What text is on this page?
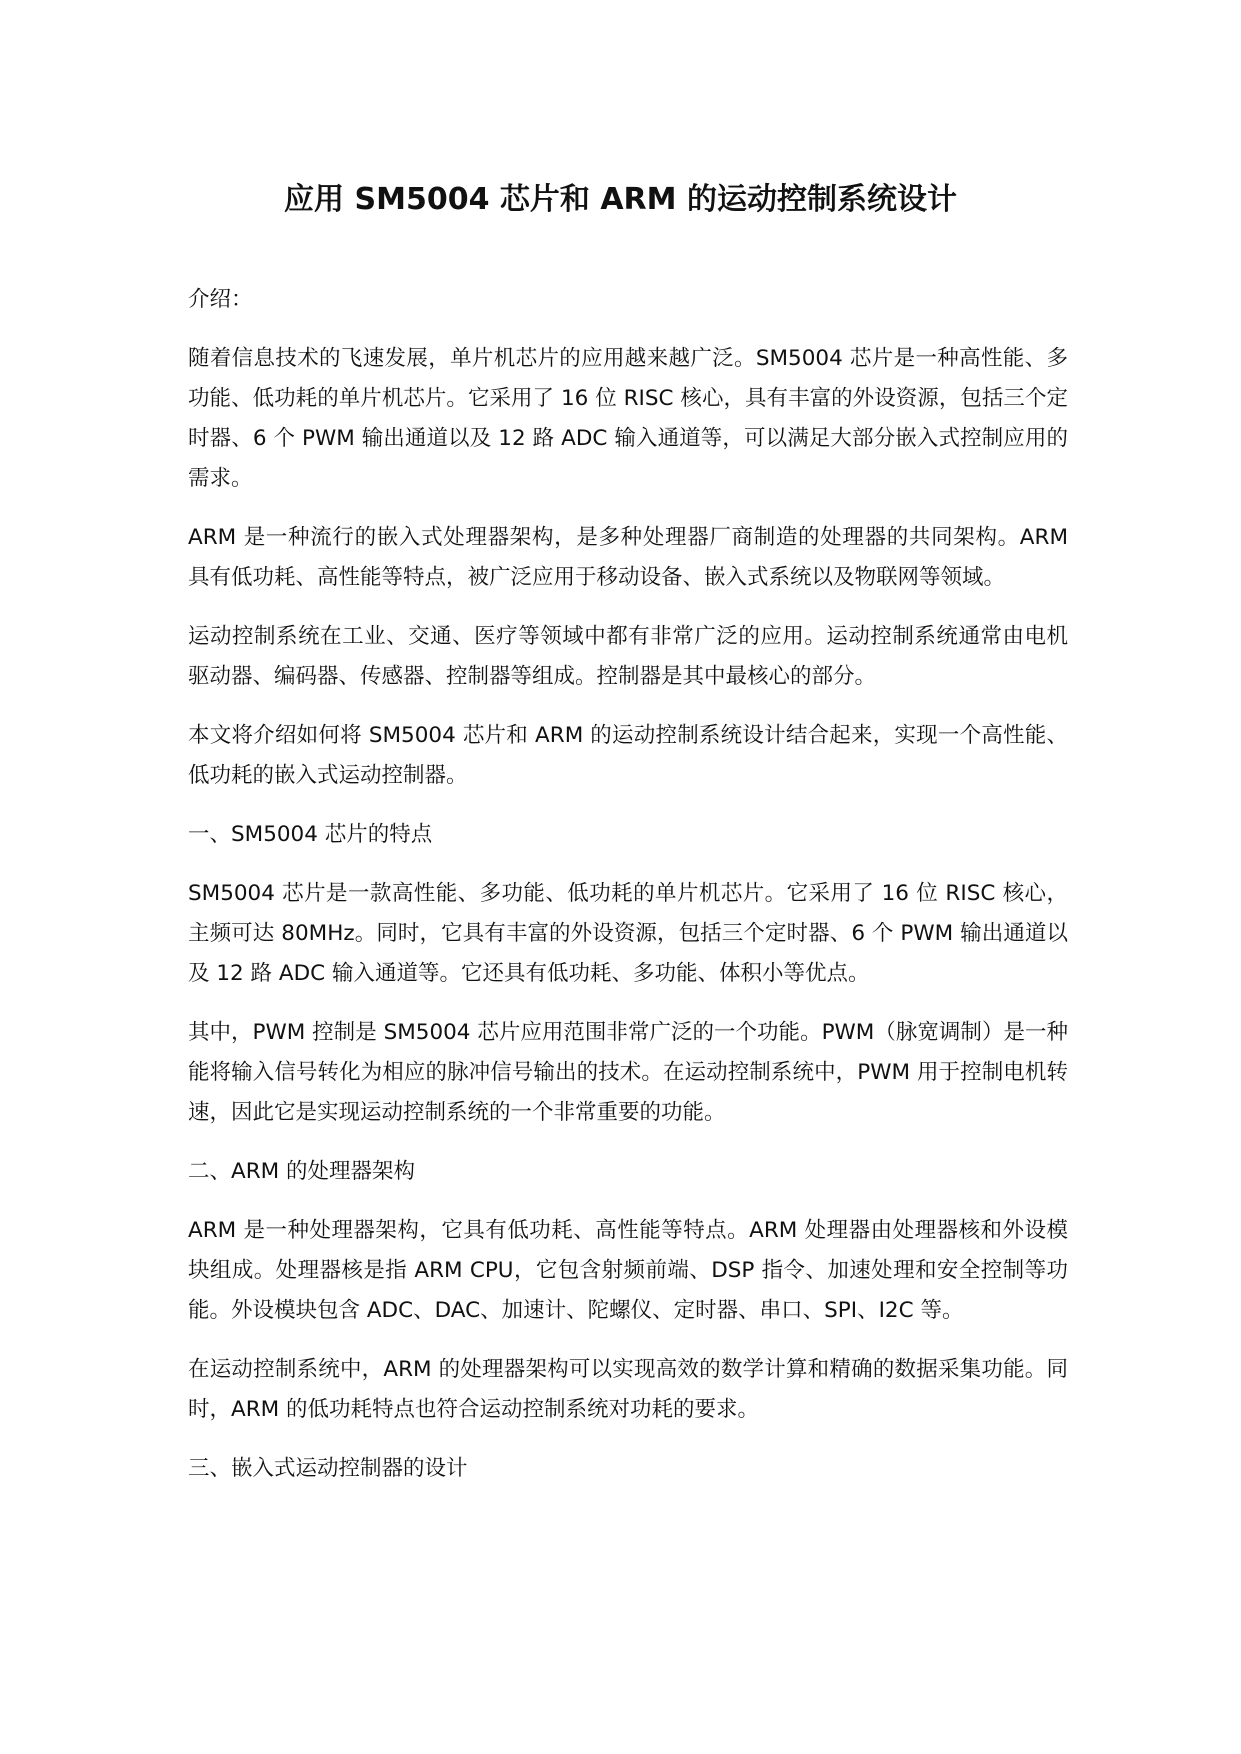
应用 SM5004 芯片和 ARM 的运动控制系统设计
介绍：

随着信息技术的飞速发展，单片机芯片的应用越来越广泛。SM5004 芯片是一种高性能、多功能、低功耗的单片机芯片。它采用了 16 位 RISC 核心，具有丰富的外设资源，包括三个定时器、6 个 PWM 输出通道以及 12 路 ADC 输入通道等，可以满足大部分嵌入式控制应用的需求。

ARM 是一种流行的嵌入式处理器架构，是多种处理器厂商制造的处理器的共同架构。ARM 具有低功耗、高性能等特点，被广泛应用于移动设备、嵌入式系统以及物联网等领域。

运动控制系统在工业、交通、医疗等领域中都有非常广泛的应用。运动控制系统通常由电机驱动器、编码器、传感器、控制器等组成。控制器是其中最核心的部分。

本文将介绍如何将 SM5004 芯片和 ARM 的运动控制系统设计结合起来，实现一个高性能、低功耗的嵌入式运动控制器。

一、SM5004 芯片的特点

SM5004 芯片是一款高性能、多功能、低功耗的单片机芯片。它采用了 16 位 RISC 核心，主频可达 80MHz。同时，它具有丰富的外设资源，包括三个定时器、6 个 PWM 输出通道以及 12 路 ADC 输入通道等。它还具有低功耗、多功能、体积小等优点。

其中，PWM 控制是 SM5004 芯片应用范围非常广泛的一个功能。PWM（脉宽调制）是一种能将输入信号转化为相应的脉冲信号输出的技术。在运动控制系统中，PWM 用于控制电机转速，因此它是实现运动控制系统的一个非常重要的功能。

二、ARM 的处理器架构

ARM 是一种处理器架构，它具有低功耗、高性能等特点。ARM 处理器由处理器核和外设模块组成。处理器核是指 ARM CPU，它包含射频前端、DSP 指令、加速处理和安全控制等功能。外设模块包含 ADC、DAC、加速计、陀螺仪、定时器、串口、SPI、I2C 等。

在运动控制系统中，ARM 的处理器架构可以实现高效的数学计算和精确的数据采集功能。同时，ARM 的低功耗特点也符合运动控制系统对功耗的要求。

三、嵌入式运动控制器的设计
